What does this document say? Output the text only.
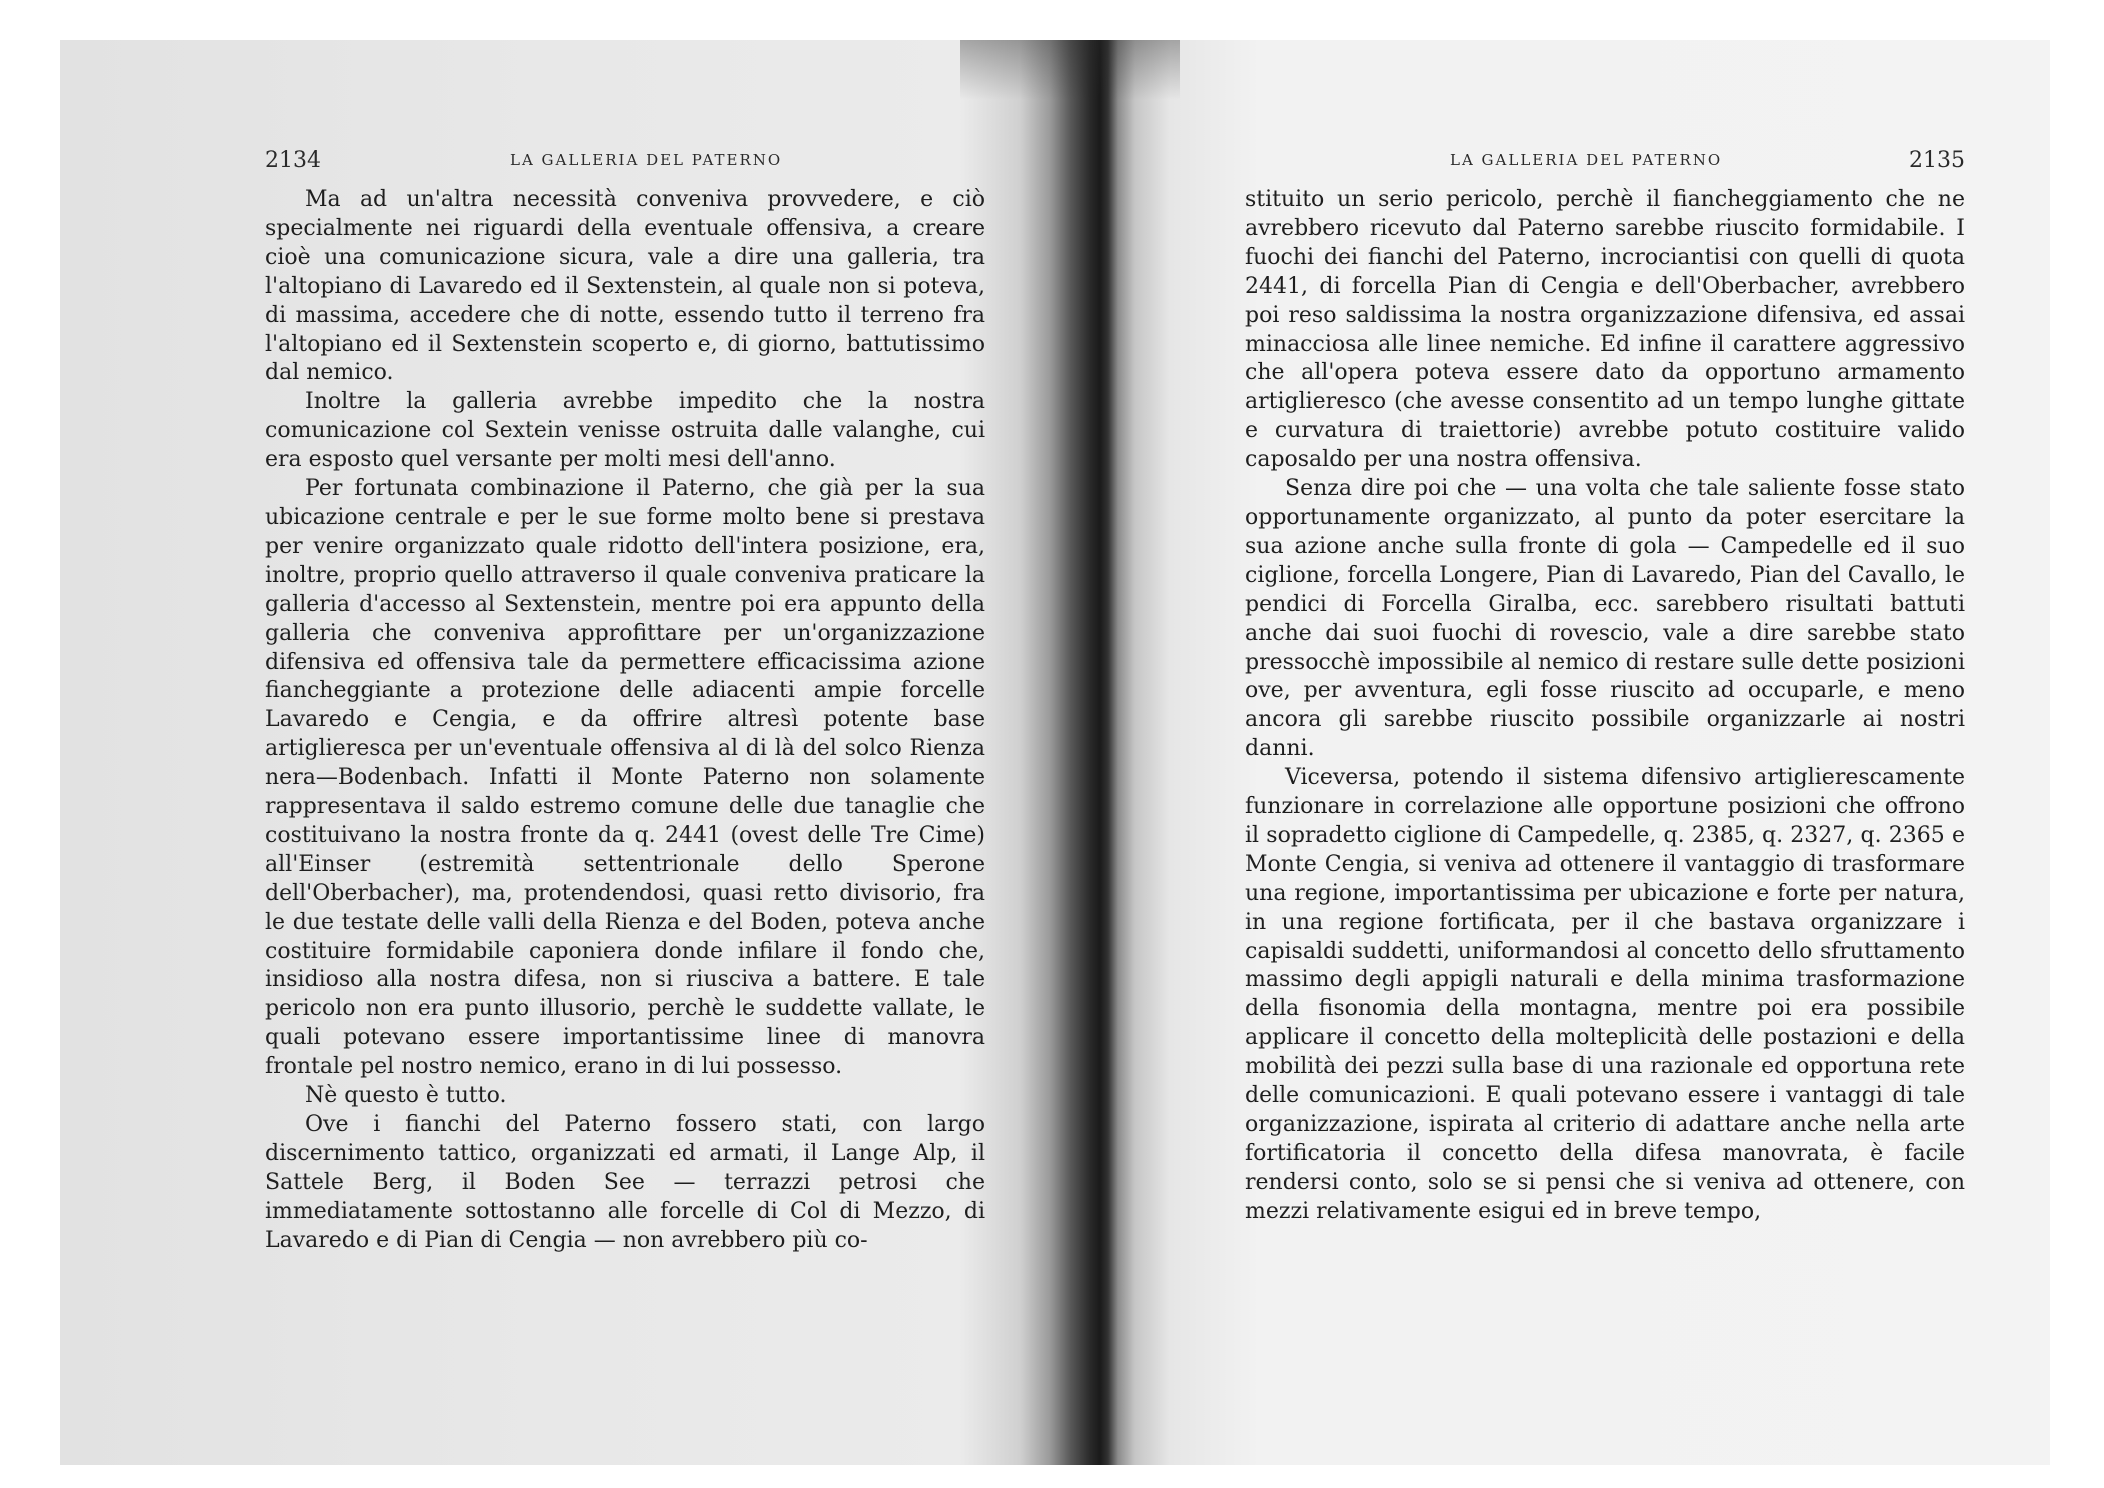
2134	LA GALLERIA DEL PATERNO

Ma ad un'altra necessità conveniva provvedere, e ciò specialmente nei riguardi della eventuale offensiva, a creare cioè una comunicazione sicura, vale a dire una galleria, tra l'altopiano di Lavaredo ed il Sextenstein, al quale non si poteva, di massima, accedere che di notte, essendo tutto il terreno fra l'altopiano ed il Sextenstein scoperto e, di giorno, battutissimo dal nemico.

Inoltre la galleria avrebbe impedito che la nostra comunicazione col Sextein venisse ostruita dalle valanghe, cui era esposto quel versante per molti mesi dell'anno.

Per fortunata combinazione il Paterno, che già per la sua ubicazione centrale e per le sue forme molto bene si prestava per venire organizzato quale ridotto dell'intera posizione, era, inoltre, proprio quello attraverso il quale conveniva praticare la galleria d'accesso al Sextenstein, mentre poi era appunto della galleria che conveniva approfittare per un'organizzazione difensiva ed offensiva tale da permettere efficacissima azione fiancheggiante a protezione delle adiacenti ampie forcelle Lavaredo e Cengia, e da offrire altresì potente base artiglieresca per un'eventuale offensiva al di là del solco Rienza nera—Bodenbach. Infatti il Monte Paterno non solamente rappresentava il saldo estremo comune delle due tanaglie che costituivano la nostra fronte da q. 2441 (ovest delle Tre Cime) all'Einser (estremità settentrionale dello Sperone dell'Oberbacher), ma, protendendosi, quasi retto divisorio, fra le due testate delle valli della Rienza e del Boden, poteva anche costituire formidabile caponiera donde infilare il fondo che, insidioso alla nostra difesa, non si riusciva a battere. E tale pericolo non era punto illusorio, perchè le suddette vallate, le quali potevano essere importantissime linee di manovra frontale pel nostro nemico, erano in di lui possesso.

Nè questo è tutto.

Ove i fianchi del Paterno fossero stati, con largo discernimento tattico, organizzati ed armati, il Lange Alp, il Sattele Berg, il Boden See — terrazzi petrosi che immediatamente sottostanno alle forcelle di Col di Mezzo, di Lavaredo e di Pian di Cengia — non avrebbero più co-

LA GALLERIA DEL PATERNO	2135

stituito un serio pericolo, perchè il fiancheggiamento che ne avrebbero ricevuto dal Paterno sarebbe riuscito formidabile. I fuochi dei fianchi del Paterno, incrociantisi con quelli di quota 2441, di forcella Pian di Cengia e dell'Oberbacher, avrebbero poi reso saldissima la nostra organizzazione difensiva, ed assai minacciosa alle linee nemiche. Ed infine il carattere aggressivo che all'opera poteva essere dato da opportuno armamento artiglieresco (che avesse consentito ad un tempo lunghe gittate e curvatura di traiettorie) avrebbe potuto costituire valido caposaldo per una nostra offensiva.

Senza dire poi che — una volta che tale saliente fosse stato opportunamente organizzato, al punto da poter esercitare la sua azione anche sulla fronte di gola — Campedelle ed il suo ciglione, forcella Longere, Pian di Lavaredo, Pian del Cavallo, le pendici di Forcella Giralba, ecc. sarebbero risultati battuti anche dai suoi fuochi di rovescio, vale a dire sarebbe stato pressocchè impossibile al nemico di restare sulle dette posizioni ove, per avventura, egli fosse riuscito ad occuparle, e meno ancora gli sarebbe riuscito possibile organizzarle ai nostri danni.

Viceversa, potendo il sistema difensivo artiglierescamente funzionare in correlazione alle opportune posizioni che offrono il sopradetto ciglione di Campedelle, q. 2385, q. 2327, q. 2365 e Monte Cengia, si veniva ad ottenere il vantaggio di trasformare una regione, importantissima per ubicazione e forte per natura, in una regione fortificata, per il che bastava organizzare i capisaldi suddetti, uniformandosi al concetto dello sfruttamento massimo degli appigli naturali e della minima trasformazione della fisonomia della montagna, mentre poi era possibile applicare il concetto della molteplicità delle postazioni e della mobilità dei pezzi sulla base di una razionale ed opportuna rete delle comunicazioni. E quali potevano essere i vantaggi di tale organizzazione, ispirata al criterio di adattare anche nella arte fortificatoria il concetto della difesa manovrata, è facile rendersi conto, solo se si pensi che si veniva ad ottenere, con mezzi relativamente esigui ed in breve tempo,
